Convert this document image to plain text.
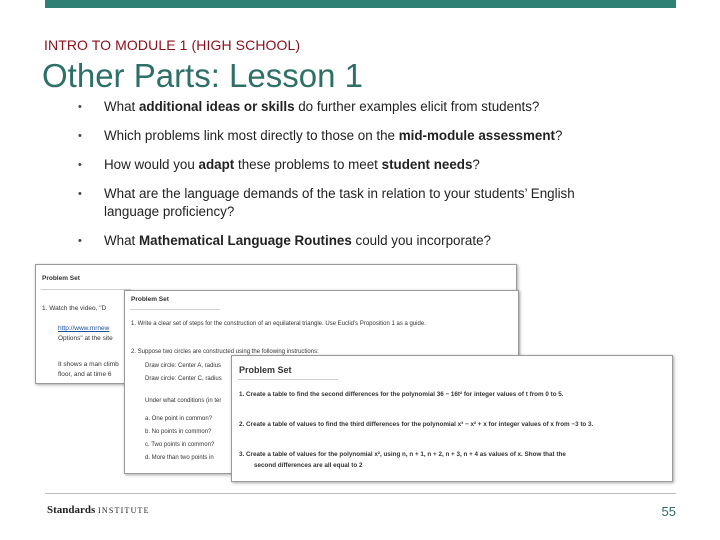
INTRO TO MODULE 1 (HIGH SCHOOL)
Other Parts: Lesson 1
• What additional ideas or skills do further examples elicit from students?
• Which problems link most directly to those on the mid-module assessment?
• How would you adapt these problems to meet student needs?
• What are the language demands of the task in relation to your students’ English language proficiency?
• What Mathematical Language Routines could you incorporate?
Problem Set
1. Watch the video, "D
http://www.mrnew
Options" at the site
It shows a man climb
floor, and at time 6
Problem Set
1. Write a clear set of steps for the construction of an equilateral triangle. Use Euclid's Proposition 1 as a guide.
2. Suppose two circles are constructed using the following instructions:
Draw circle: Center A, radius
Draw circle: Center C, radius
Under what conditions (in ter
a. One point in common?
b. No points in common?
c. Two points in common?
d. More than two points in
Problem Set
1. Create a table to find the second differences for the polynomial 36 − 16t² for integer values of t from 0 to 5.
2. Create a table of values to find the third differences for the polynomial x³ − x² + x for integer values of x from −3 to 3.
3. Create a table of values for the polynomial x², using n, n + 1, n + 2, n + 3, n + 4 as values of x. Show that the
second differences are all equal to 2
Standards INSTITUTE	55
